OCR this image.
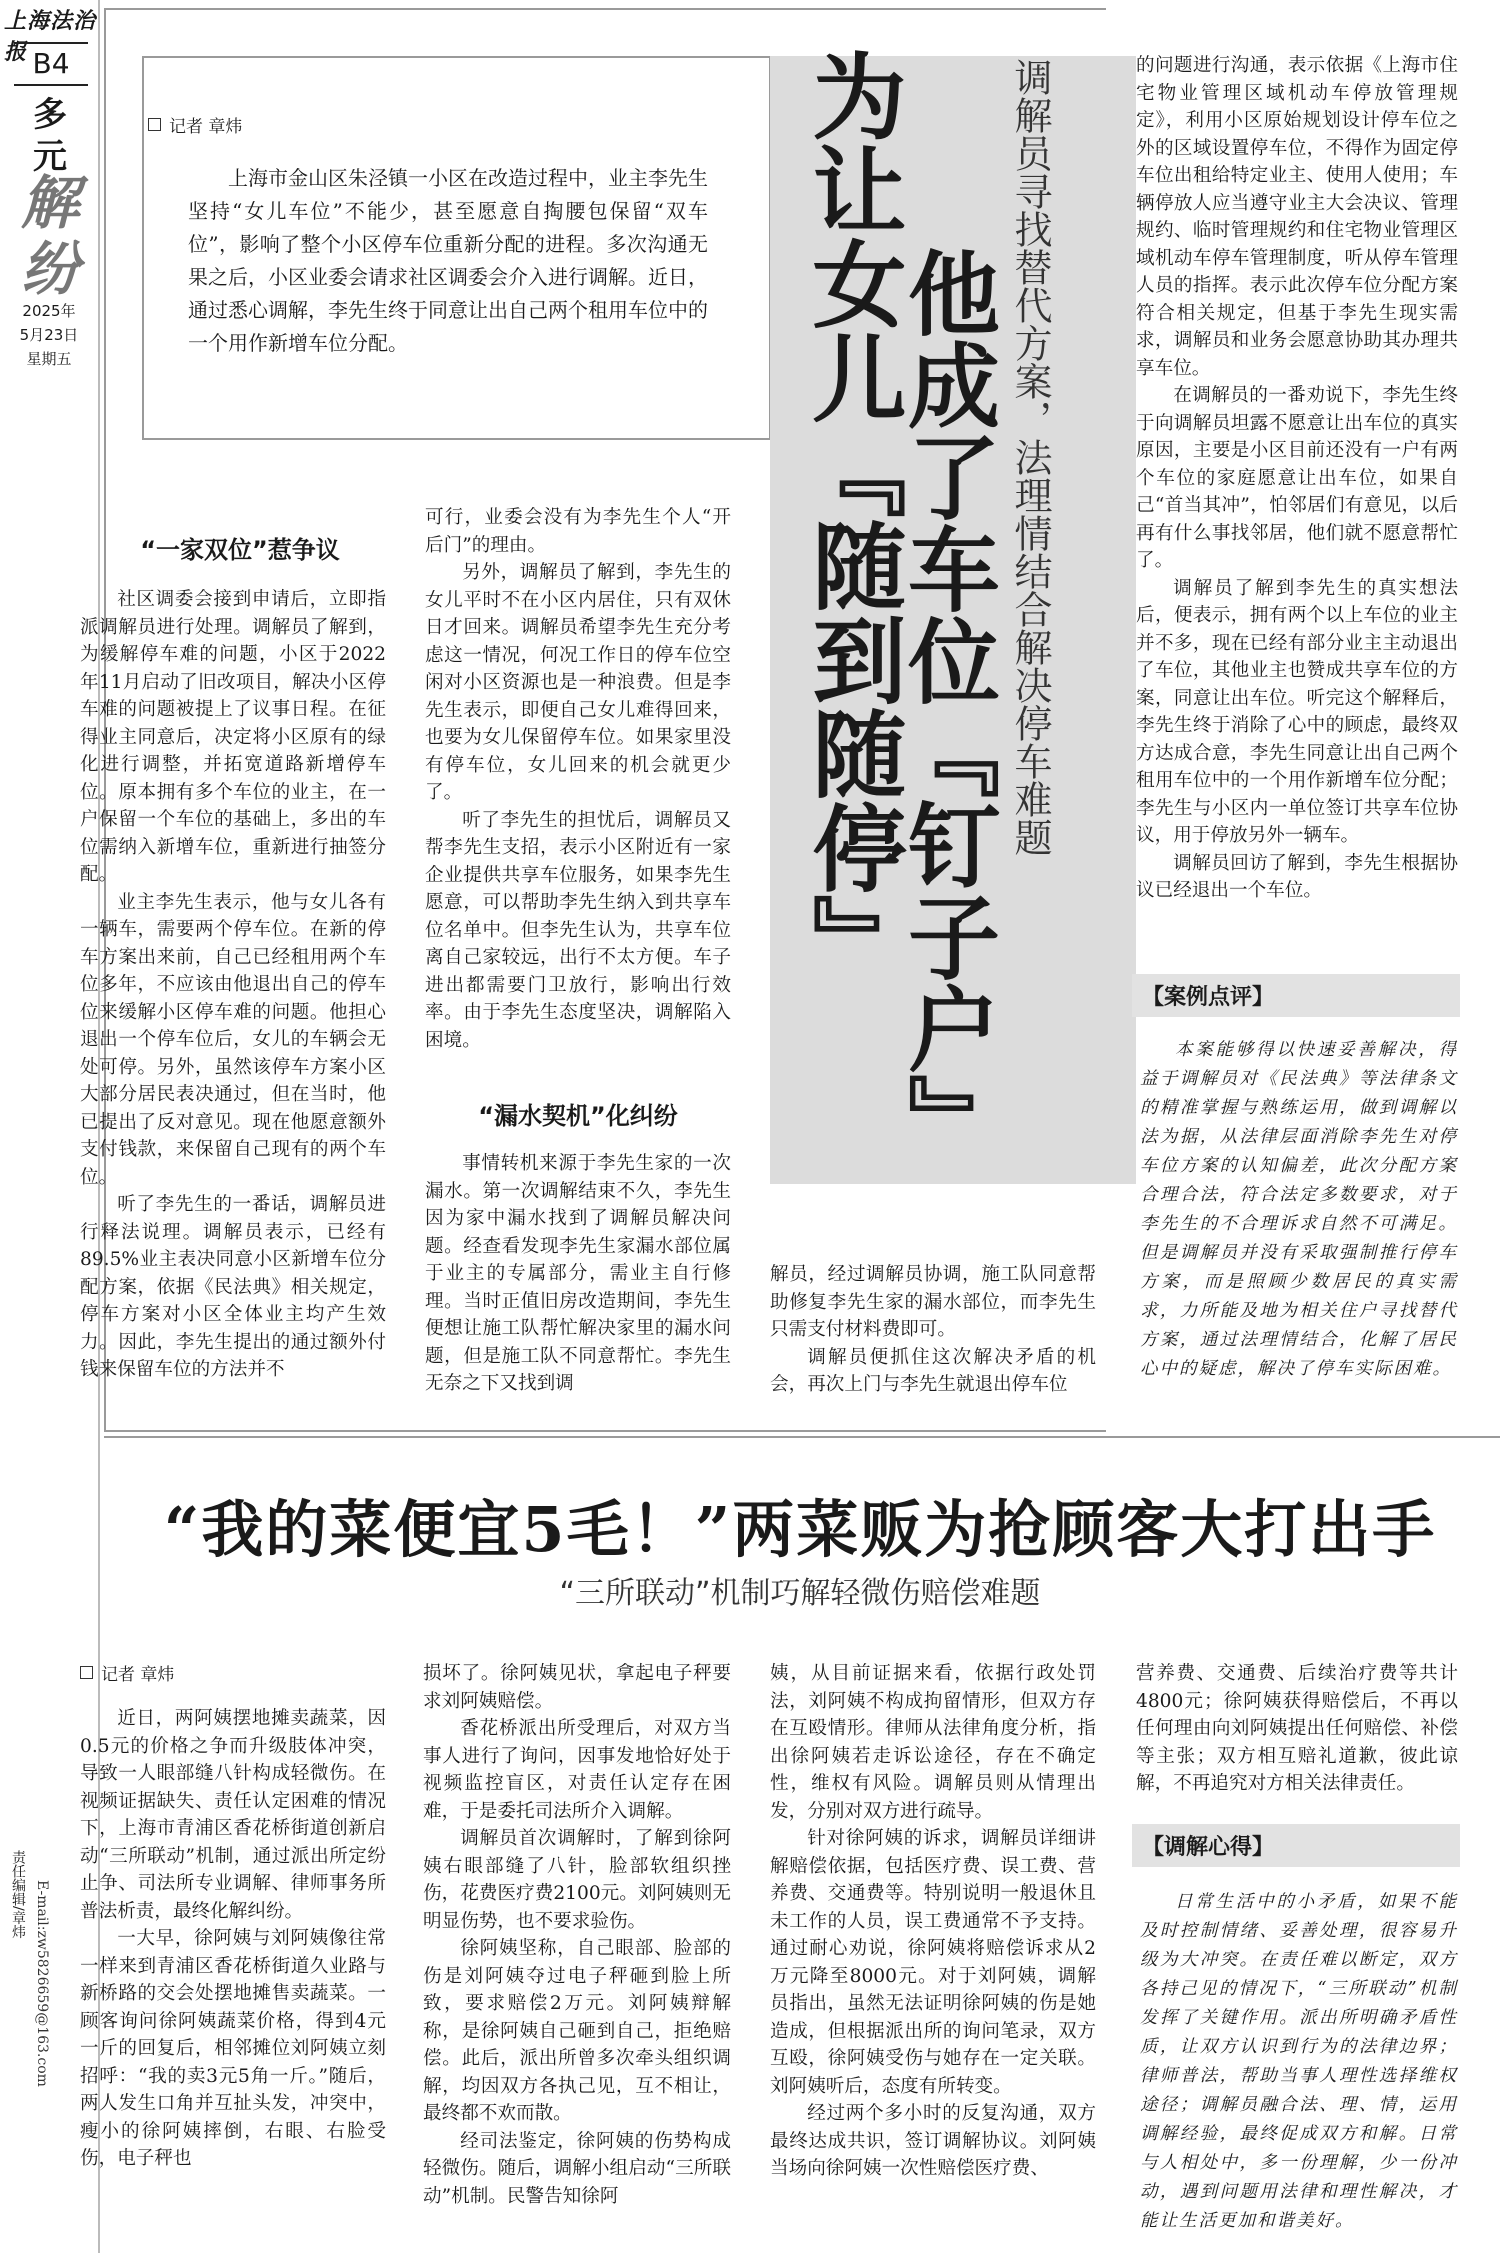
上海法治报 B4
多元
解纷
2025年
5月23日
星期五
责任编辑/章炜 E-mail:zw5826659@163.com
记者 章炜

上海市金山区朱泾镇一小区在改造过程中，业主李先生坚持“女儿车位”不能少，甚至愿意自掏腰包保留“双车位”，影响了整个小区停车位重新分配的进程。多次沟通无果之后，小区业委会请求社区调委会介入进行调解。近日，通过悉心调解，李先生终于同意让出自己两个租用车位中的一个用作新增车位分配。	调解员寻找替代方案，法理情结合解决停车难题
他成了车位『钉子户』
为让女儿『随到随停』
“一家双位”惹争议

社区调委会接到申请后，立即指派调解员进行处理。调解员了解到，为缓解停车难的问题，小区于2022年11月启动了旧改项目，解决小区停车难的问题被提上了议事日程。在征得业主同意后，决定将小区原有的绿化进行调整，并拓宽道路新增停车位。原本拥有多个车位的业主，在一户保留一个车位的基础上，多出的车位需纳入新增车位，重新进行抽签分配。

业主李先生表示，他与女儿各有一辆车，需要两个停车位。在新的停车方案出来前，自己已经租用两个车位多年，不应该由他退出自己的停车位来缓解小区停车难的问题。他担心退出一个停车位后，女儿的车辆会无处可停。另外，虽然该停车方案小区大部分居民表决通过，但在当时，他已提出了反对意见。现在他愿意额外支付钱款，来保留自己现有的两个车位。

听了李先生的一番话，调解员进行释法说理。调解员表示，已经有89.5%业主表决同意小区新增车位分配方案，依据《民法典》相关规定，停车方案对小区全体业主均产生效力。因此，李先生提出的通过额外付钱来保留车位的方法并不

可行，业委会没有为李先生个人“开后门”的理由。

另外，调解员了解到，李先生的女儿平时不在小区内居住，只有双休日才回来。调解员希望李先生充分考虑这一情况，何况工作日的停车位空闲对小区资源也是一种浪费。但是李先生表示，即便自己女儿难得回来，也要为女儿保留停车位。如果家里没有停车位，女儿回来的机会就更少了。

听了李先生的担忧后，调解员又帮李先生支招，表示小区附近有一家企业提供共享车位服务，如果李先生愿意，可以帮助李先生纳入到共享车位名单中。但李先生认为，共享车位离自己家较远，出行不太方便。车子进出都需要门卫放行，影响出行效率。由于李先生态度坚决，调解陷入困境。

“漏水契机”化纠纷

事情转机来源于李先生家的一次漏水。第一次调解结束不久，李先生因为家中漏水找到了调解员解决问题。经查看发现李先生家漏水部位属于业主的专属部分，需业主自行修理。当时正值旧房改造期间，李先生便想让施工队帮忙解决家里的漏水问题，但是施工队不同意帮忙。李先生无奈之下又找到调

解员，经过调解员协调，施工队同意帮助修复李先生家的漏水部位，而李先生只需支付材料费即可。

调解员便抓住这次解决矛盾的机会，再次上门与李先生就退出停车位

的问题进行沟通，表示依据《上海市住宅物业管理区域机动车停放管理规定》，利用小区原始规划设计停车位之外的区域设置停车位，不得作为固定停车位出租给特定业主、使用人使用；车辆停放人应当遵守业主大会决议、管理规约、临时管理规约和住宅物业管理区域机动车停车管理制度，听从停车管理人员的指挥。表示此次停车位分配方案符合相关规定，但基于李先生现实需求，调解员和业务会愿意协助其办理共享车位。

在调解员的一番劝说下，李先生终于向调解员坦露不愿意让出车位的真实原因，主要是小区目前还没有一户有两个车位的家庭愿意让出车位，如果自己“首当其冲”，怕邻居们有意见，以后再有什么事找邻居，他们就不愿意帮忙了。

调解员了解到李先生的真实想法后，便表示，拥有两个以上车位的业主并不多，现在已经有部分业主主动退出了车位，其他业主也赞成共享车位的方案，同意让出车位。听完这个解释后，李先生终于消除了心中的顾虑，最终双方达成合意，李先生同意让出自己两个租用车位中的一个用作新增车位分配；李先生与小区内一单位签订共享车位协议，用于停放另外一辆车。

调解员回访了解到，李先生根据协议已经退出一个车位。

【案例点评】

本案能够得以快速妥善解决，得益于调解员对《民法典》等法律条文的精准掌握与熟练运用，做到调解以法为据，从法律层面消除李先生对停车位方案的认知偏差，此次分配方案合理合法，符合法定多数要求，对于李先生的不合理诉求自然不可满足。但是调解员并没有采取强制推行停车方案，而是照顾少数居民的真实需求，力所能及地为相关住户寻找替代方案，通过法理情结合，化解了居民心中的疑虑，解决了停车实际困难。

“我的菜便宜5毛！”两菜贩为抢顾客大打出手
“三所联动”机制巧解轻微伤赔偿难题
记者 章炜

近日，两阿姨摆地摊卖蔬菜，因0.5元的价格之争而升级肢体冲突，导致一人眼部缝八针构成轻微伤。在视频证据缺失、责任认定困难的情况下，上海市青浦区香花桥街道创新启动“三所联动”机制，通过派出所定纷止争、司法所专业调解、律师事务所普法析责，最终化解纠纷。

一大早，徐阿姨与刘阿姨像往常一样来到青浦区香花桥街道久业路与新桥路的交会处摆地摊售卖蔬菜。一顾客询问徐阿姨蔬菜价格，得到4元一斤的回复后，相邻摊位刘阿姨立刻招呼：“我的卖3元5角一斤。”随后，两人发生口角并互扯头发，冲突中，瘦小的徐阿姨摔倒，右眼、右脸受伤，电子秤也

损坏了。徐阿姨见状，拿起电子秤要求刘阿姨赔偿。

香花桥派出所受理后，对双方当事人进行了询问，因事发地恰好处于视频监控盲区，对责任认定存在困难，于是委托司法所介入调解。

调解员首次调解时，了解到徐阿姨右眼部缝了八针，脸部软组织挫伤，花费医疗费2100元。刘阿姨则无明显伤势，也不要求验伤。

徐阿姨坚称，自己眼部、脸部的伤是刘阿姨夺过电子秤砸到脸上所致，要求赔偿2万元。刘阿姨辩解称，是徐阿姨自己砸到自己，拒绝赔偿。此后，派出所曾多次牵头组织调解，均因双方各执己见，互不相让，最终都不欢而散。

经司法鉴定，徐阿姨的伤势构成轻微伤。随后，调解小组启动“三所联动”机制。民警告知徐阿

姨，从目前证据来看，依据行政处罚法，刘阿姨不构成拘留情形，但双方存在互殴情形。律师从法律角度分析，指出徐阿姨若走诉讼途径，存在不确定性，维权有风险。调解员则从情理出发，分别对双方进行疏导。

针对徐阿姨的诉求，调解员详细讲解赔偿依据，包括医疗费、误工费、营养费、交通费等。特别说明一般退休且未工作的人员，误工费通常不予支持。通过耐心劝说，徐阿姨将赔偿诉求从2万元降至8000元。对于刘阿姨，调解员指出，虽然无法证明徐阿姨的伤是她造成，但根据派出所的询问笔录，双方互殴，徐阿姨受伤与她存在一定关联。刘阿姨听后，态度有所转变。

经过两个多小时的反复沟通，双方最终达成共识，签订调解协议。刘阿姨当场向徐阿姨一次性赔偿医疗费、

营养费、交通费、后续治疗费等共计4800元；徐阿姨获得赔偿后，不再以任何理由向刘阿姨提出任何赔偿、补偿等主张；双方相互赔礼道歉，彼此谅解，不再追究对方相关法律责任。

【调解心得】

日常生活中的小矛盾，如果不能及时控制情绪、妥善处理，很容易升级为大冲突。在责任难以断定，双方各持己见的情况下，“三所联动”机制发挥了关键作用。派出所明确矛盾性质，让双方认识到行为的法律边界；律师普法，帮助当事人理性选择维权途径；调解员融合法、理、情，运用调解经验，最终促成双方和解。日常与人相处中，多一份理解，少一份冲动，遇到问题用法律和理性解决，才能让生活更加和谐美好。
